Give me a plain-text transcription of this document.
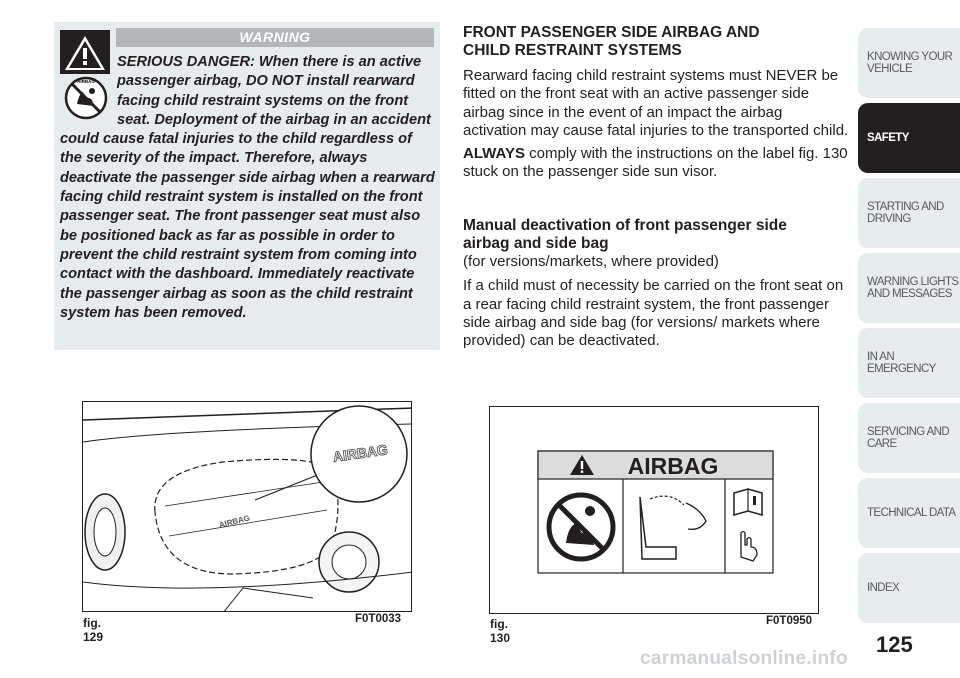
WARNING
AIRBAG
SERIOUS DANGER: When there is an active passenger airbag, DO NOT install rearward facing child restraint systems on the front seat. Deployment of the airbag in an accident could cause fatal injuries to the child regardless of the severity of the impact. Therefore, always deactivate the passenger side airbag when a rearward facing child restraint system is installed on the front passenger seat. The front passenger seat must also be positioned back as far as possible in order to prevent the child restraint system from coming into contact with the dashboard. Immediately reactivate the passenger airbag as soon as the child restraint system has been removed.
FRONT PASSENGER SIDE AIRBAG AND
CHILD RESTRAINT SYSTEMS

Rearward facing child restraint systems must NEVER be fitted on the front seat with an active passenger side airbag since in the event of an impact the airbag activation may cause fatal injuries to the transported child.

ALWAYS comply with the instructions on the label fig. 130 stuck on the passenger side sun visor.

Manual deactivation of front passenger side
airbag and side bag

(for versions/markets, where provided)

If a child must of necessity be carried on the front seat on a rear facing child restraint system, the front passenger side airbag and side bag (for versions/ markets where provided) can be deactivated.

AIRBAG
AIRBAG
fig. 129
F0T0033
AIRBAG
fig. 130
F0T0950
KNOWING YOUR
VEHICLE
SAFETY
STARTING AND
DRIVING
WARNING LIGHTS
AND MESSAGES
IN AN EMERGENCY
SERVICING AND
CARE
TECHNICAL DATA
INDEX
125
carmanualsonline.info
